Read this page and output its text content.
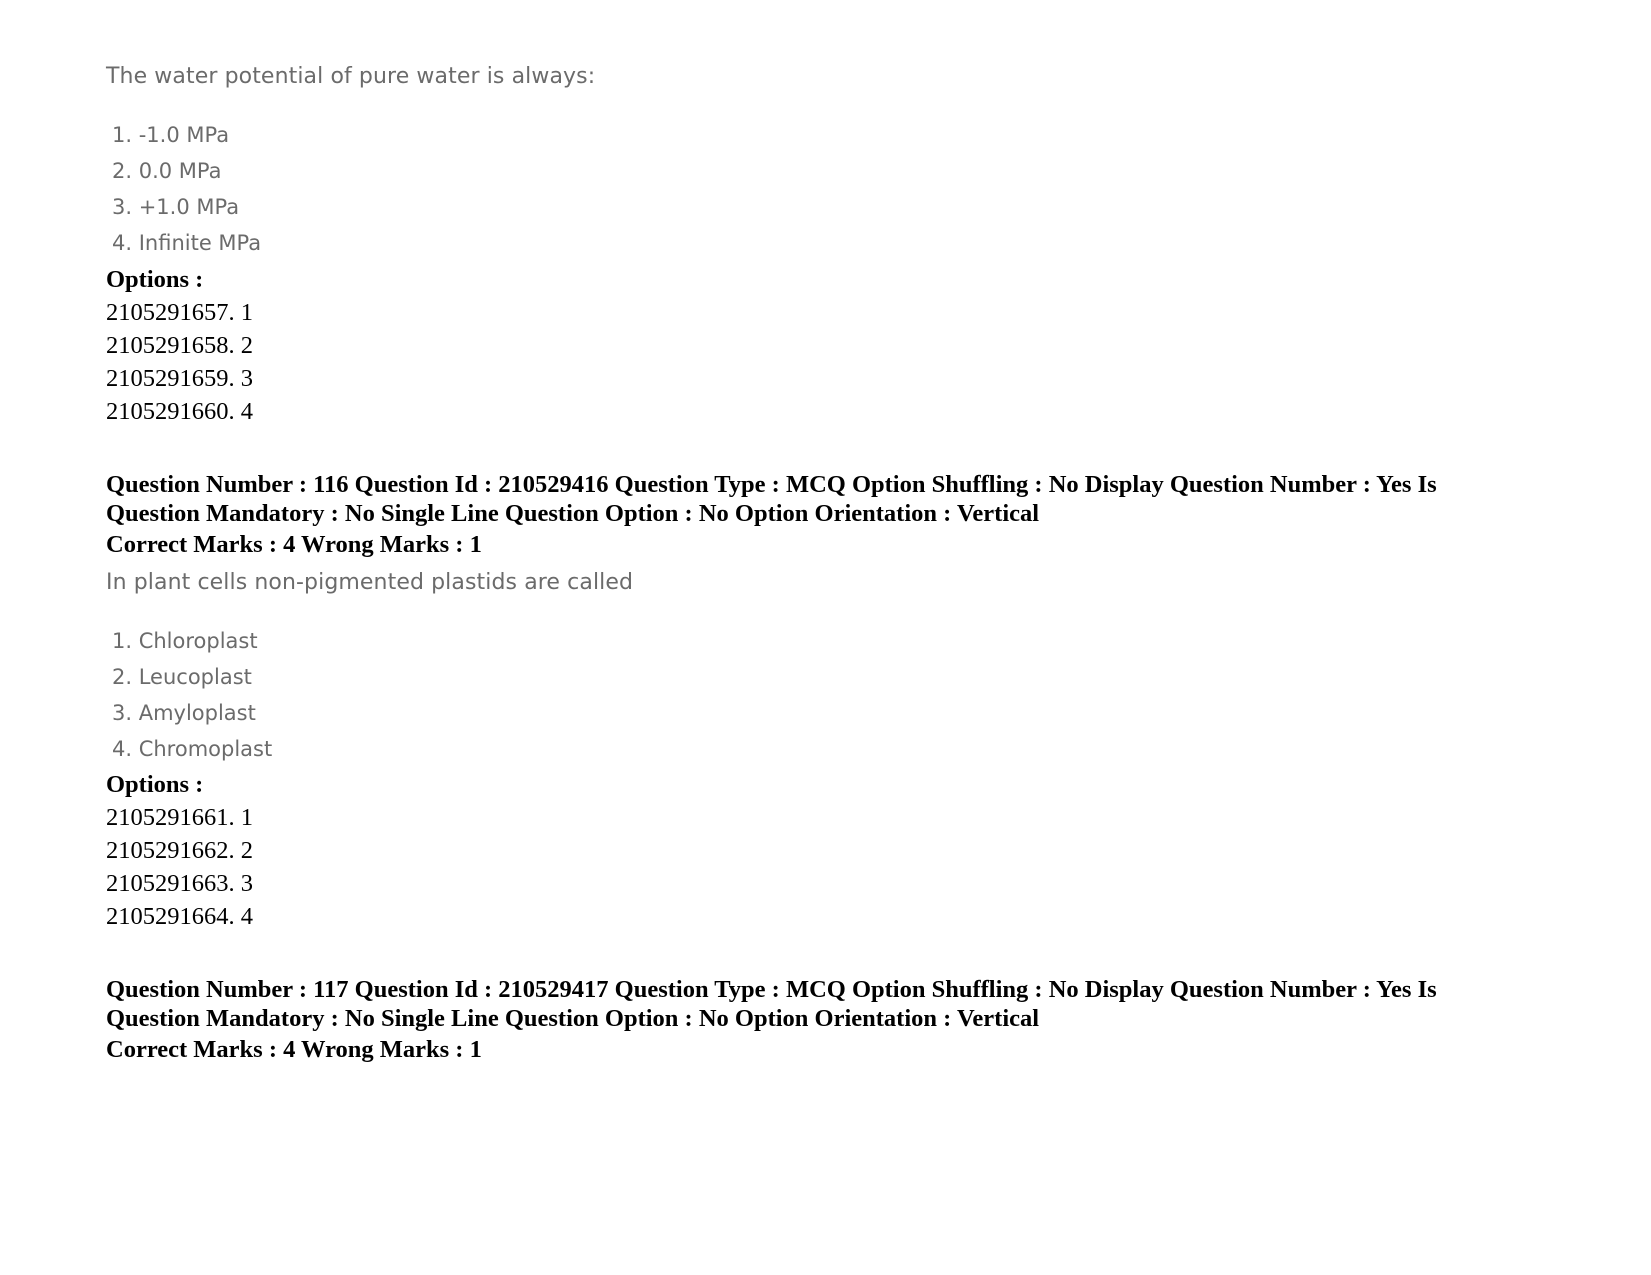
The water potential of pure water is always:
1. -1.0 MPa
2. 0.0 MPa
3. +1.0 MPa
4. Infinite MPa
Options :
2105291657. 1
2105291658. 2
2105291659. 3
2105291660. 4
Question Number : 116 Question Id : 210529416 Question Type : MCQ Option Shuffling : No Display Question Number : Yes Is Question Mandatory : No Single Line Question Option : No Option Orientation : Vertical
Correct Marks : 4 Wrong Marks : 1
In plant cells non-pigmented plastids are called
1. Chloroplast
2. Leucoplast
3. Amyloplast
4. Chromoplast
Options :
2105291661. 1
2105291662. 2
2105291663. 3
2105291664. 4
Question Number : 117 Question Id : 210529417 Question Type : MCQ Option Shuffling : No Display Question Number : Yes Is Question Mandatory : No Single Line Question Option : No Option Orientation : Vertical
Correct Marks : 4 Wrong Marks : 1
